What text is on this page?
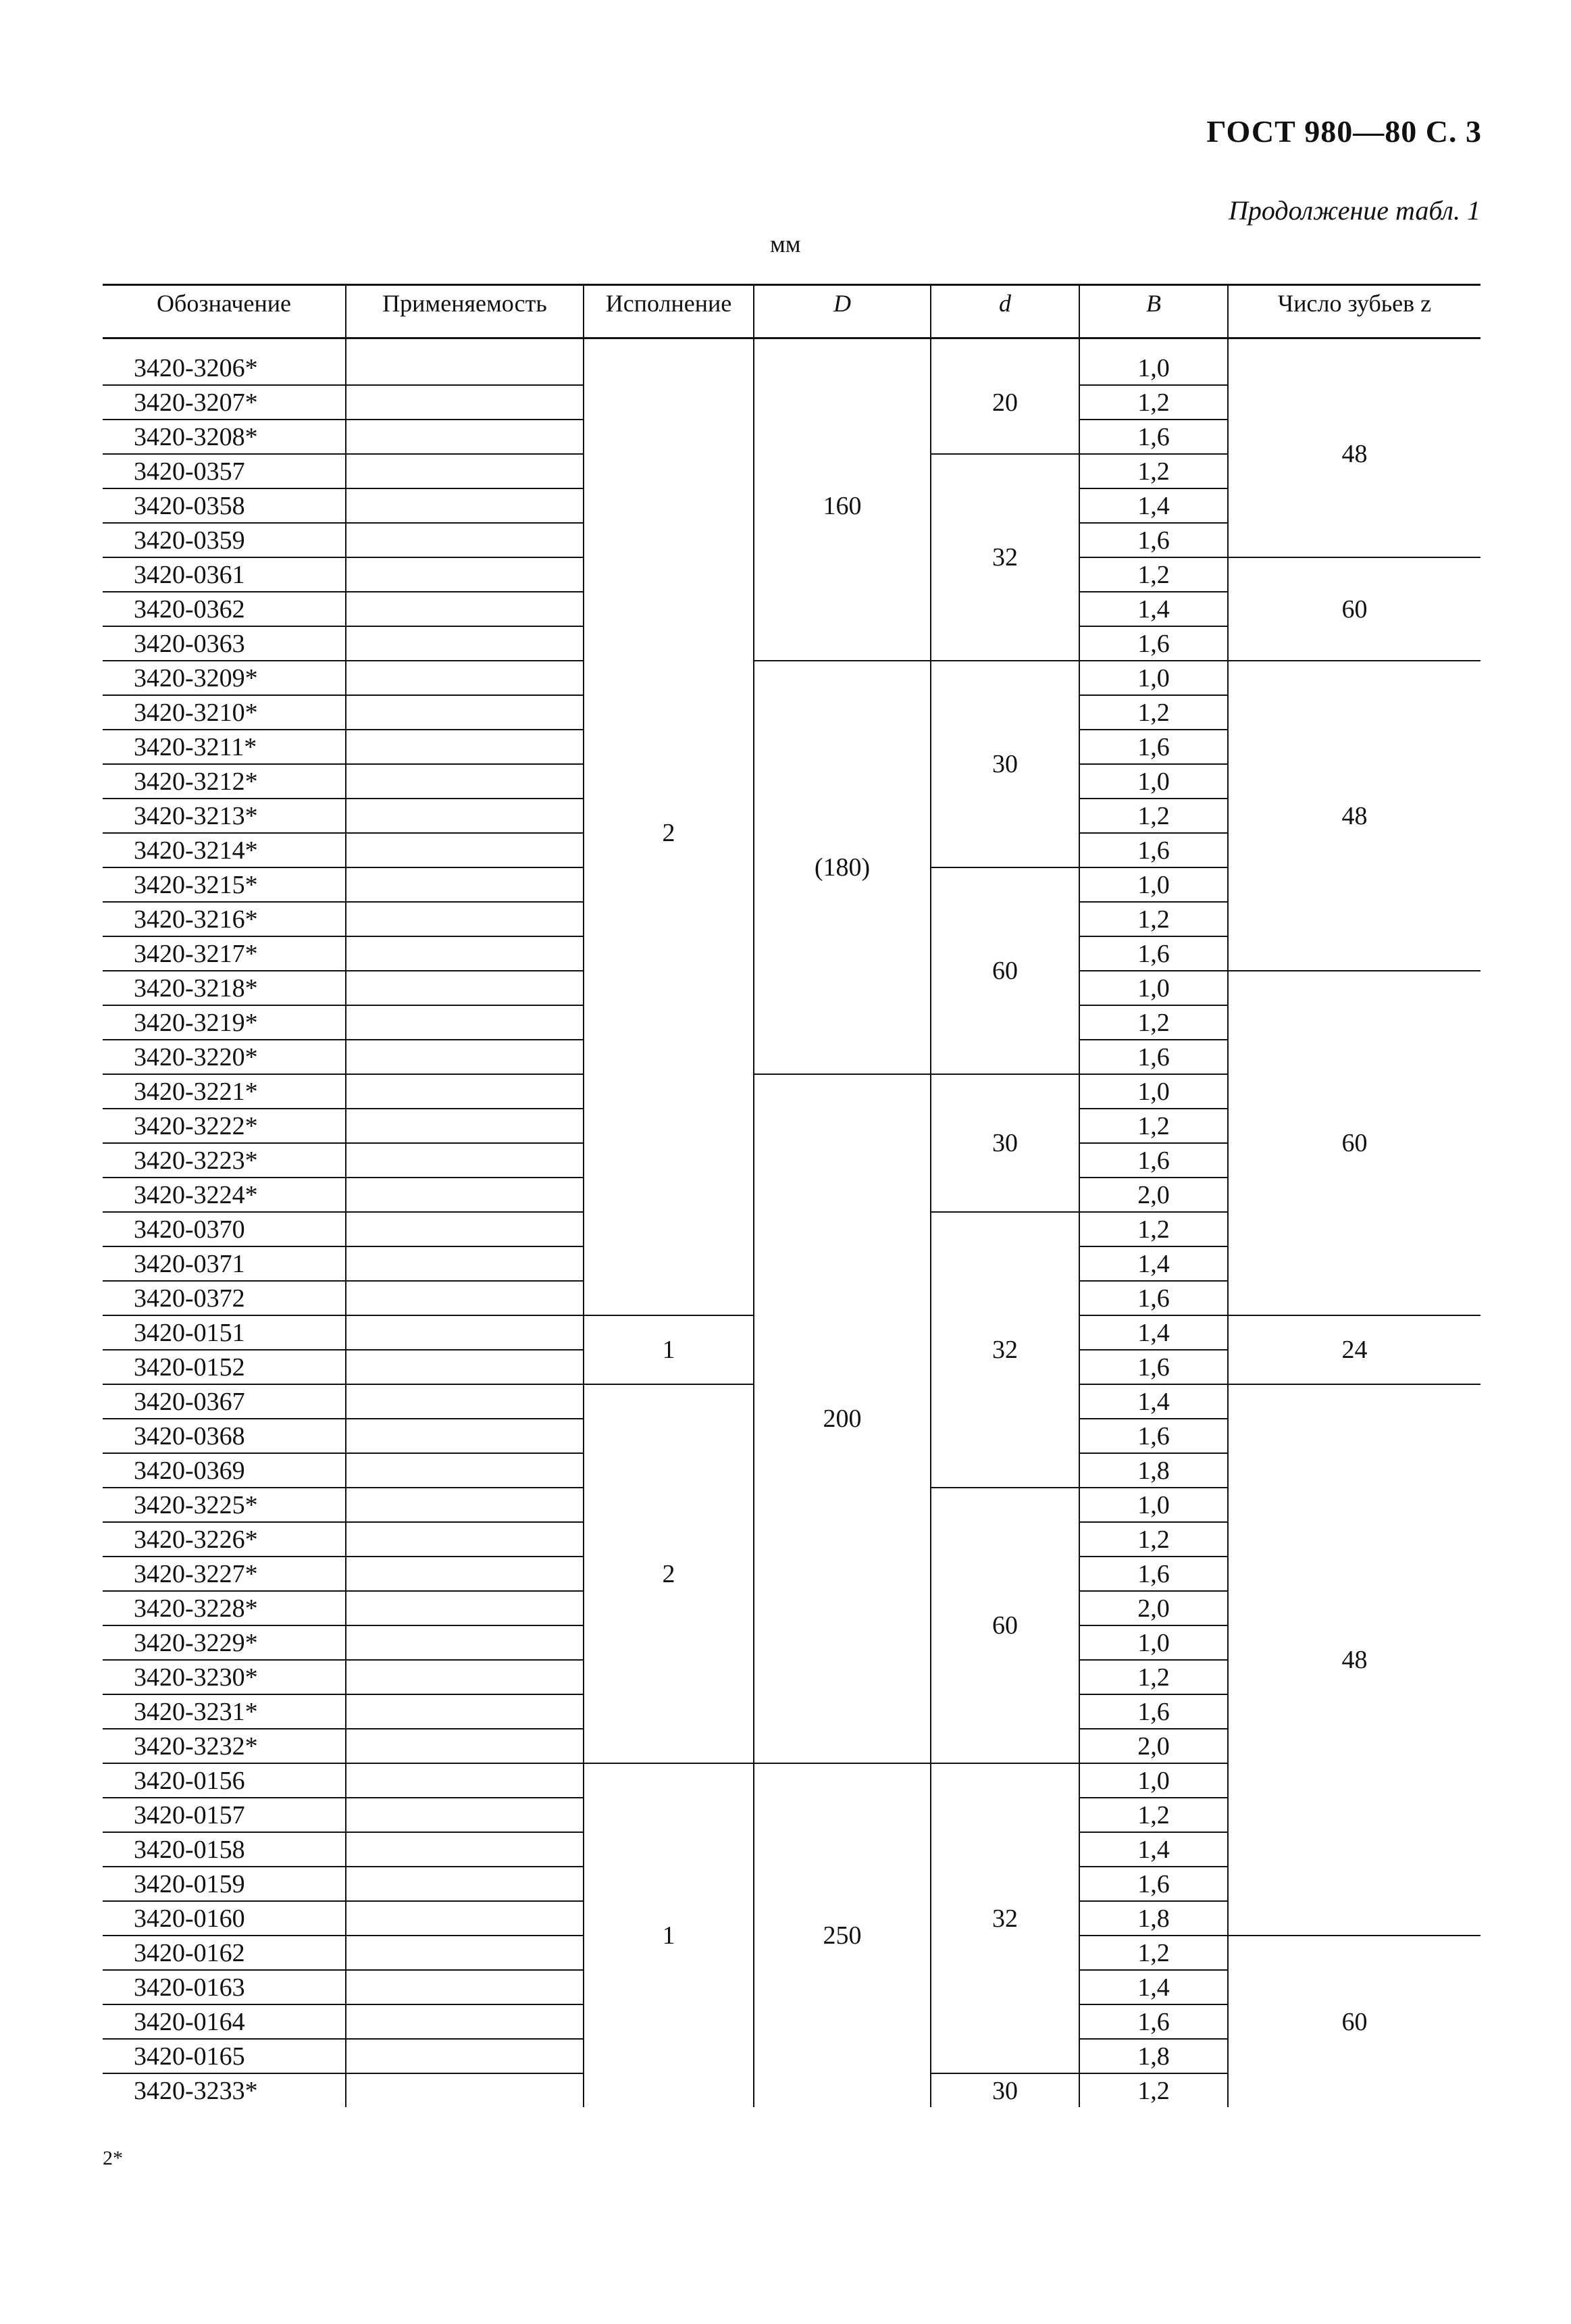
ГОСТ 980—80 С. 3
Продолжение табл. 1
мм
Обозначение	Применяемость	Исполнение	D	d	B	Число зубьев z

3420-3206*		2	160	20	1,0	48
3420-3207*					1,2	
3420-3208*					1,6	
3420-0357				32	1,2	
3420-0358					1,4	
3420-0359					1,6	
3420-0361					1,2	60
3420-0362					1,4	
3420-0363					1,6	
3420-3209*			(180)	30	1,0	48
3420-3210*					1,2	
3420-3211*					1,6	
3420-3212*					1,0	
3420-3213*					1,2	
3420-3214*					1,6	
3420-3215*				60	1,0	
3420-3216*					1,2	
3420-3217*					1,6	
3420-3218*					1,0	60
3420-3219*					1,2	
3420-3220*					1,6	
3420-3221*			200	30	1,0	
3420-3222*					1,2	
3420-3223*					1,6	
3420-3224*					2,0	
3420-0370				32	1,2	
3420-0371					1,4	
3420-0372					1,6	
3420-0151		1			1,4	24
3420-0152					1,6	
3420-0367		2			1,4	48
3420-0368					1,6	
3420-0369					1,8	
3420-3225*				60	1,0	
3420-3226*					1,2	
3420-3227*					1,6	
3420-3228*					2,0	
3420-3229*					1,0	
3420-3230*					1,2	
3420-3231*					1,6	
3420-3232*					2,0	
3420-0156		1	250	32	1,0	
3420-0157					1,2	
3420-0158					1,4	
3420-0159					1,6	
3420-0160					1,8	
3420-0162					1,2	60
3420-0163					1,4	
3420-0164					1,6	
3420-0165					1,8	
3420-3233*				30	1,2	
2*
